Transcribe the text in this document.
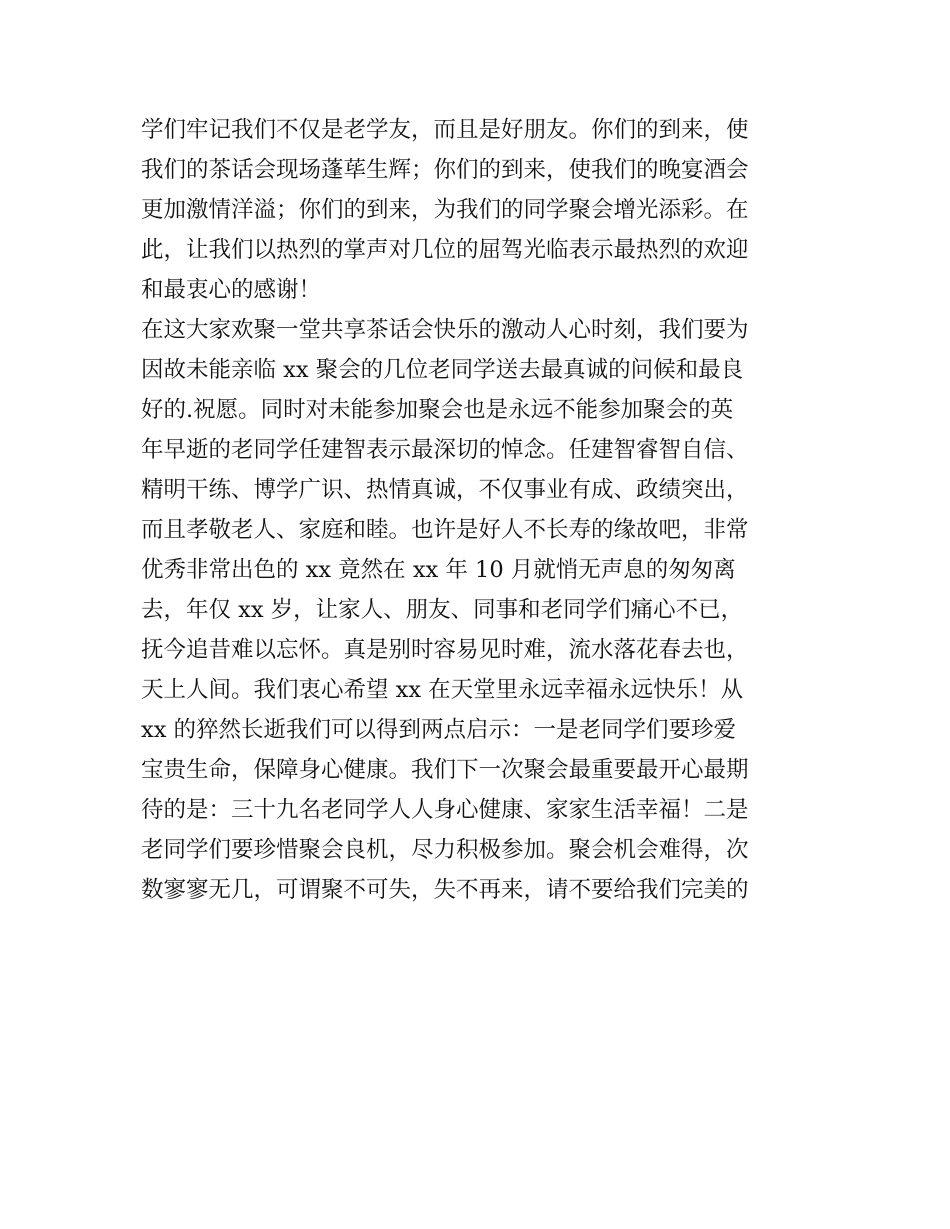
学们牢记我们不仅是老学友，而且是好朋友。你们的到来，使
我们的茶话会现场蓬荜生辉；你们的到来，使我们的晚宴酒会
更加激情洋溢；你们的到来，为我们的同学聚会增光添彩。在
此，让我们以热烈的掌声对几位的屈驾光临表示最热烈的欢迎
和最衷心的感谢！
在这大家欢聚一堂共享茶话会快乐的激动人心时刻，我们要为
因故未能亲临 xx 聚会的几位老同学送去最真诚的问候和最良
好的.祝愿。同时对未能参加聚会也是永远不能参加聚会的英
年早逝的老同学任建智表示最深切的悼念。任建智睿智自信、
精明干练、博学广识、热情真诚，不仅事业有成、政绩突出，
而且孝敬老人、家庭和睦。也许是好人不长寿的缘故吧，非常
优秀非常出色的 xx 竟然在 xx 年 10 月就悄无声息的匆匆离
去，年仅 xx 岁，让家人、朋友、同事和老同学们痛心不已，
抚今追昔难以忘怀。真是别时容易见时难，流水落花春去也，
天上人间。我们衷心希望 xx 在天堂里永远幸福永远快乐！从
xx 的猝然长逝我们可以得到两点启示：一是老同学们要珍爱
宝贵生命，保障身心健康。我们下一次聚会最重要最开心最期
待的是：三十九名老同学人人身心健康、家家生活幸福！二是
老同学们要珍惜聚会良机，尽力积极参加。聚会机会难得，次
数寥寥无几，可谓聚不可失，失不再来，请不要给我们完美的
